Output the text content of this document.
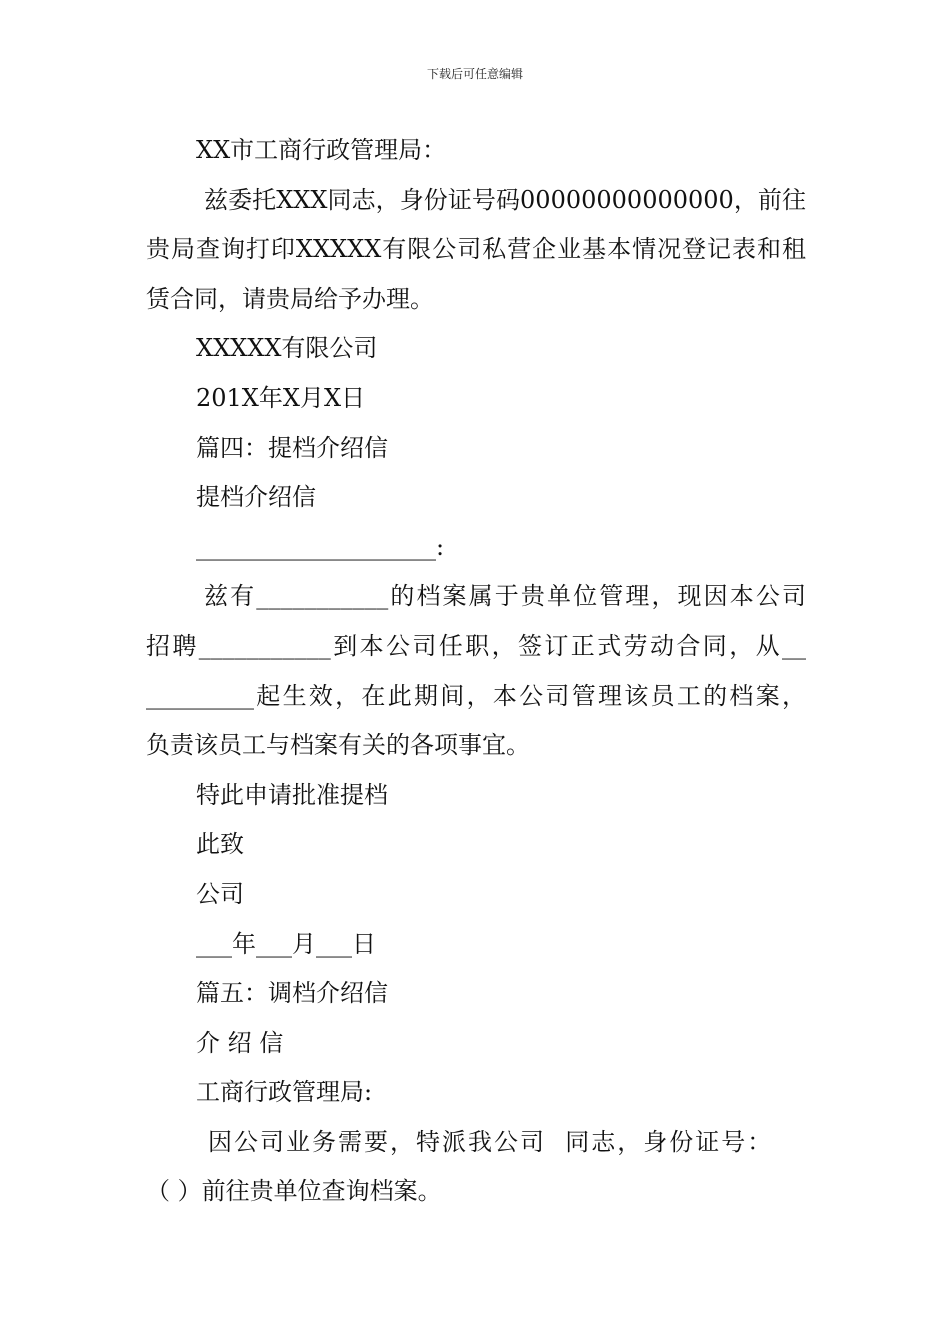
下载后可任意编辑
XX市工商行政管理局：
兹委托XXX同志，身份证号码00000000000000，前往
贵局查询打印XXXXX有限公司私营企业基本情况登记表和租
赁合同，请贵局给予办理。
XXXXX有限公司
201X年X月X日
篇四：提档介绍信
提档介绍信
____________________:
兹有___________的档案属于贵单位管理，现因本公司
招聘___________到本公司任职，签订正式劳动合同，从__
_________起生效，在此期间，本公司管理该员工的档案，
负责该员工与档案有关的各项事宜。
特此申请批准提档
此致
公司
___年___月___日
篇五：调档介绍信
介 绍 信
工商行政管理局:
因公司业务需要，特派我公司  同志，身份证号：
（ ）前往贵单位查询档案。
